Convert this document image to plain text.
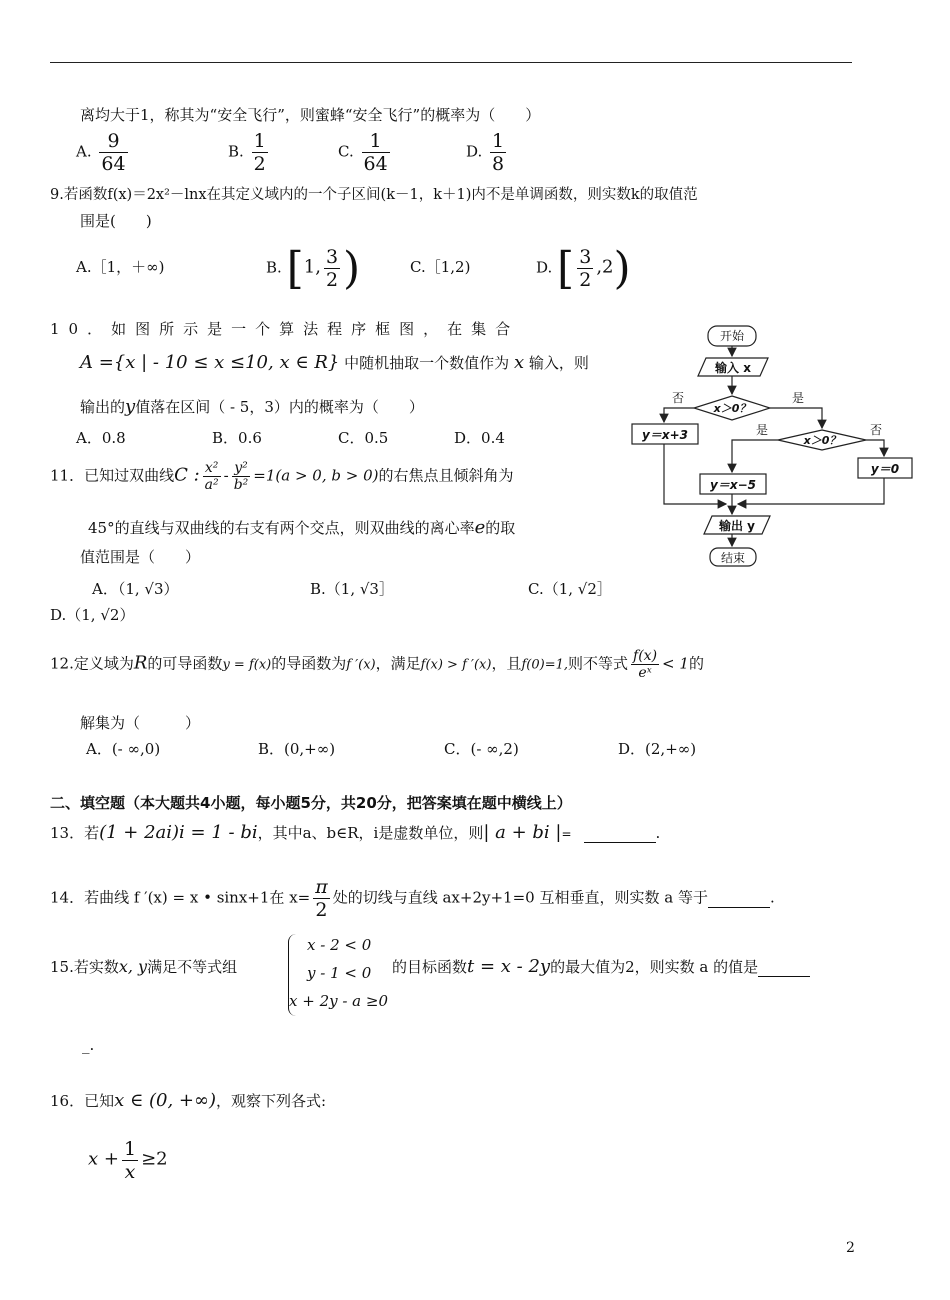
离均大于1，称其为“安全飞行”，则蜜蜂“安全飞行”的概率为（　　）
A. $\frac{9}{64}$	B. $\frac{1}{2}$	C. $\frac{1}{64}$	D. $\frac{1}{8}$
9.若函数f(x)＝2x²－lnx在其定义域内的一个子区间(k－1，k＋1)内不是单调函数，则实数k的取值范
围是(　　)
A.［1，＋∞)	B. [1, $\frac{3}{2}$ )	C.［1,2)	D. [ $\frac{3}{2} ,2$)
10．如图所示是一个算法程序框图，在集合
A ={x | - 10 ≤ x ≤10, x ∈ R} 中随机抽取一个数值作为 x 输入，则
输出的y值落在区间（ - 5，3）内的概率为（　　）
A．0.8	B．0.6	C．0.5	D．0.4
开始
输入 x
x＞0？
否	是
y＝x+3	x＞0？
是	否
y＝0
y＝x−5
输出 y
结束
11．已知过双曲线C : $\frac{\text{x²}}{\text{a²}} - \frac{\text{y²}}{\text{b²}} =1(a > 0$, b > 0)的右焦点且倾斜角为
45°的直线与双曲线的右支有两个交点，则双曲线的离心率e的取
值范围是（　　）
A．（1, √3）	B.（1, √3］	C.（1, √2］
D.（1, √2）
12.定义域为R的可导函数y = f(x)的导函数为f ′(x)，满足f(x) > f ′(x)，且f(0)=1,则不等式 $\frac{f(x)}{\text{eˣ}} < 1$的
解集为（　　　）
A．(- ∞,0)	B．(0,+∞)	C．(- ∞,2)	D．(2,+∞)
二、填空题（本大题共4小题，每小题5分，共20分，把答案填在题中横线上）
13．若(1 + 2ai)i = 1 - bi，其中a、b∈R，i是虚数单位，则| a + bi |=	.
14．若曲线 f ′(x) = x • sinx+1在 $x= \frac{\pi}{2}$ 处的切线与直线 ax+2y+1=0 互相垂直，则实数 a 等于	.
15.若实数x, y满足不等式组
x - 2 < 0
y - 1 < 0
x + 2y - a ≥0
的目标函数t = x - 2y的最大值为2，则实数 a 的值是
_.
16．已知x ∈ (0, +∞)，观察下列各式:
$x + \frac{1}{x} \ge 2$
2
